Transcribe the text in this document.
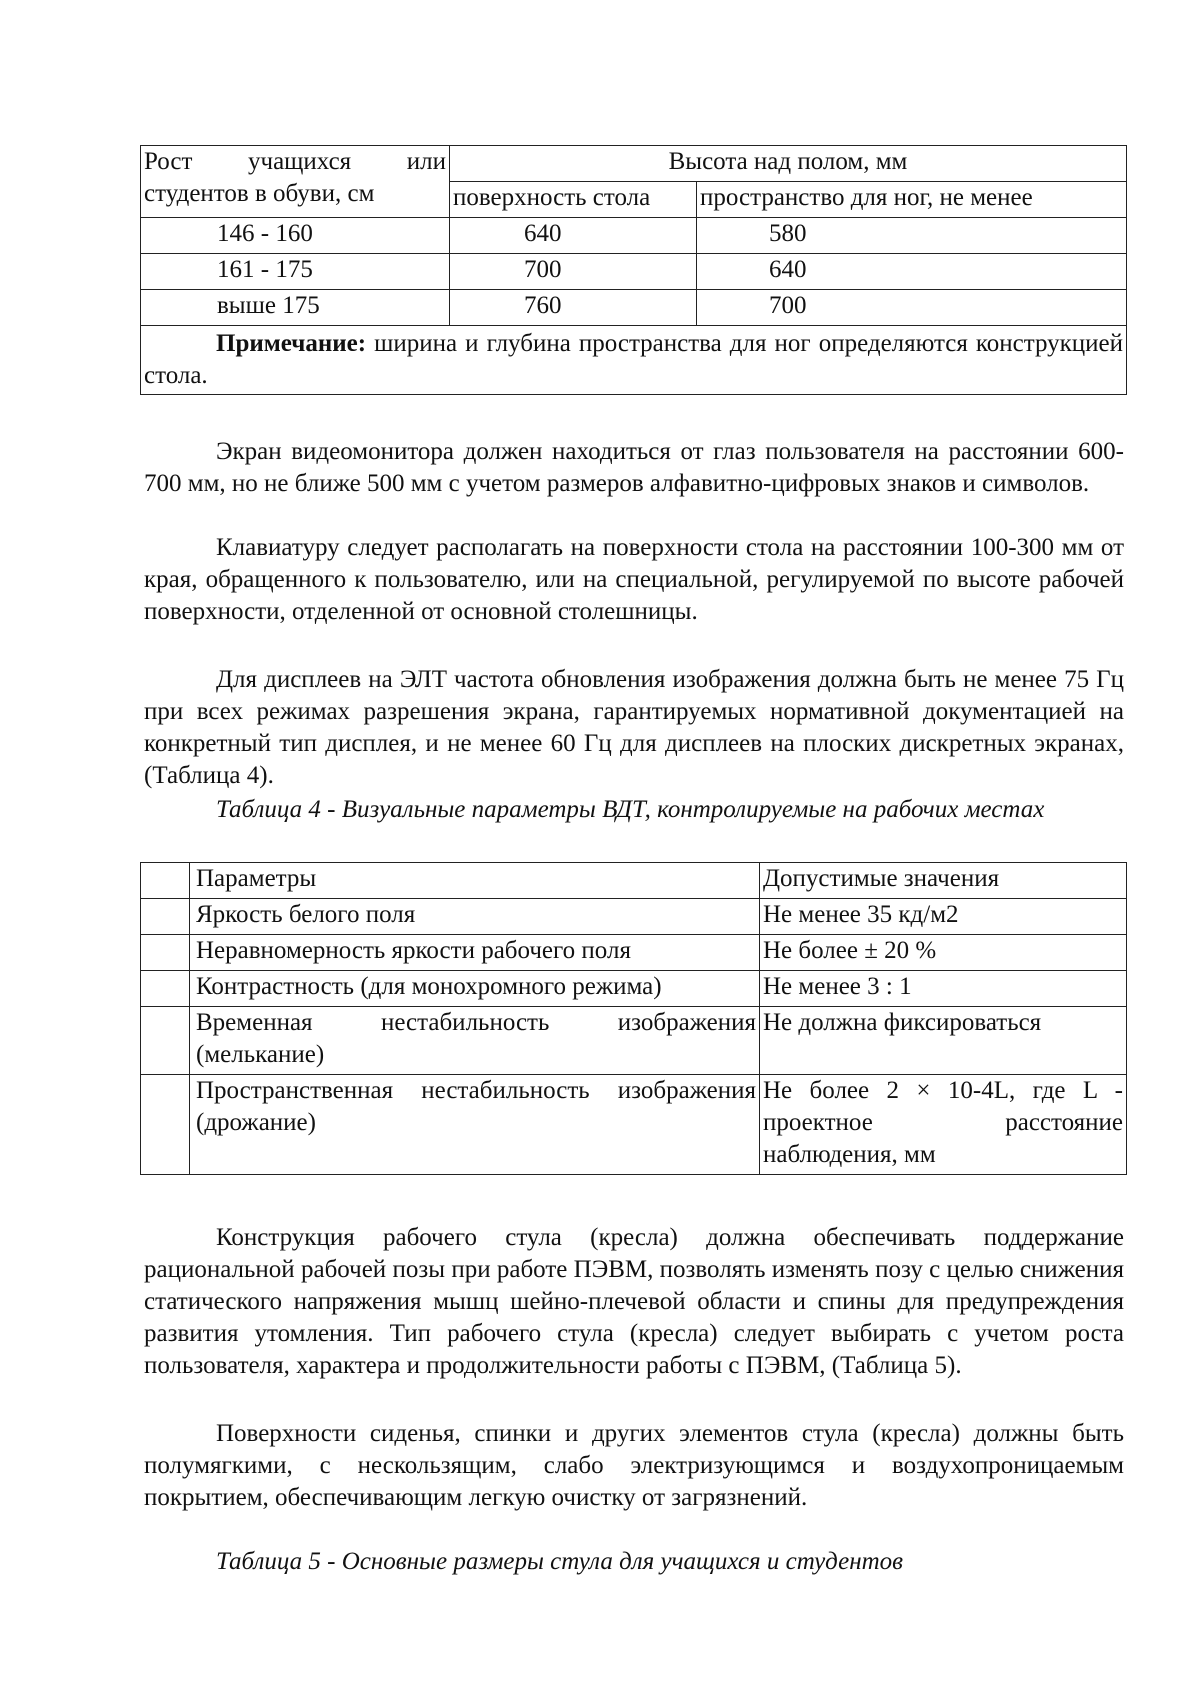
Рост учащихся или
студентов в обуви, см	Высота над полом, мм	
	поверхность стола	пространство для ног, не менее
146 - 160	640	580
161 - 175	700	640
выше 175	760	700
Примечание: ширина и глубина пространства для ног определяются конструкцией стола.		

Экран видеомонитора должен находиться от глаз пользователя на расстоянии 600-700 мм, но не ближе 500 мм с учетом размеров алфавитно-цифровых знаков и символов.

Клавиатуру следует располагать на поверхности стола на расстоянии 100-300 мм от края, обращенного к пользователю, или на специальной, регулируемой по высоте рабочей поверхности, отделенной от основной столешницы.

Для дисплеев на ЭЛТ частота обновления изображения должна быть не менее 75 Гц при всех режимах разрешения экрана, гарантируемых нормативной документацией на конкретный тип дисплея, и не менее 60 Гц для дисплеев на плоских дискретных экранах, (Таблица 4).

Таблица 4 - Визуальные параметры ВДТ, контролируемые на рабочих местах

	Параметры	Допустимые значения
	Яркость белого поля	Не менее 35 кд/м2
	Неравномерность яркости рабочего поля	Не более ± 20 %
	Контрастность (для монохромного режима)	Не менее 3 : 1
	Временная нестабильность изображения (мелькание)	Не должна фиксироваться
	Пространственная нестабильность изображения (дрожание)	Не более 2 × 10-4L, где L - проектное расстояние наблюдения, мм

Конструкция рабочего стула (кресла) должна обеспечивать поддержание рациональной рабочей позы при работе ПЭВМ, позволять изменять позу с целью снижения статического напряжения мышц шейно-плечевой области и спины для предупреждения развития утомления. Тип рабочего стула (кресла) следует выбирать с учетом роста пользователя, характера и продолжительности работы с ПЭВМ, (Таблица 5).

Поверхности сиденья, спинки и других элементов стула (кресла) должны быть полумягкими, с нескользящим, слабо электризующимся и воздухопроницаемым покрытием, обеспечивающим легкую очистку от загрязнений.

Таблица 5 - Основные размеры стула для учащихся и студентов
